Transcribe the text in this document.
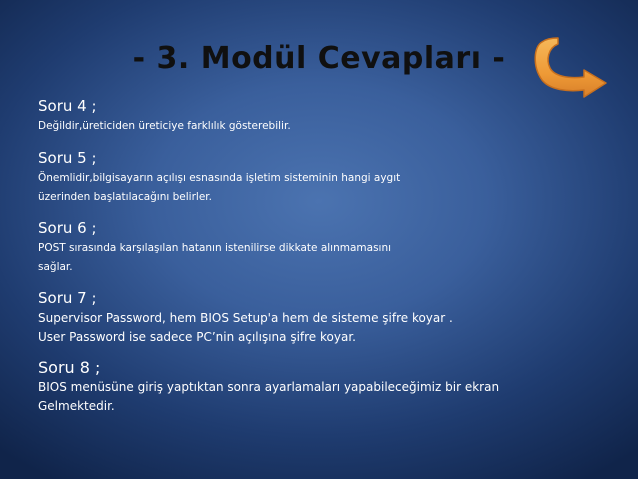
- 3. Modül Cevapları -

Soru 4 ;

Değildir,üreticiden üreticiye farklılık gösterebilir.

Soru 5 ;

Önemlidir,bilgisayarın açılışı esnasında işletim sisteminin hangi aygıt

üzerinden başlatılacağını belirler.

Soru 6 ;

POST sırasında karşılaşılan hatanın istenilirse dikkate alınmamasını

sağlar.

Soru 7 ;

Supervisor Password, hem BIOS Setup'a hem de sisteme şifre koyar .

User Password ise sadece PC’nin açılışına şifre koyar.

Soru 8 ;

BIOS menüsüne giriş yaptıktan sonra ayarlamaları yapabileceğimiz bir ekran

Gelmektedir.
